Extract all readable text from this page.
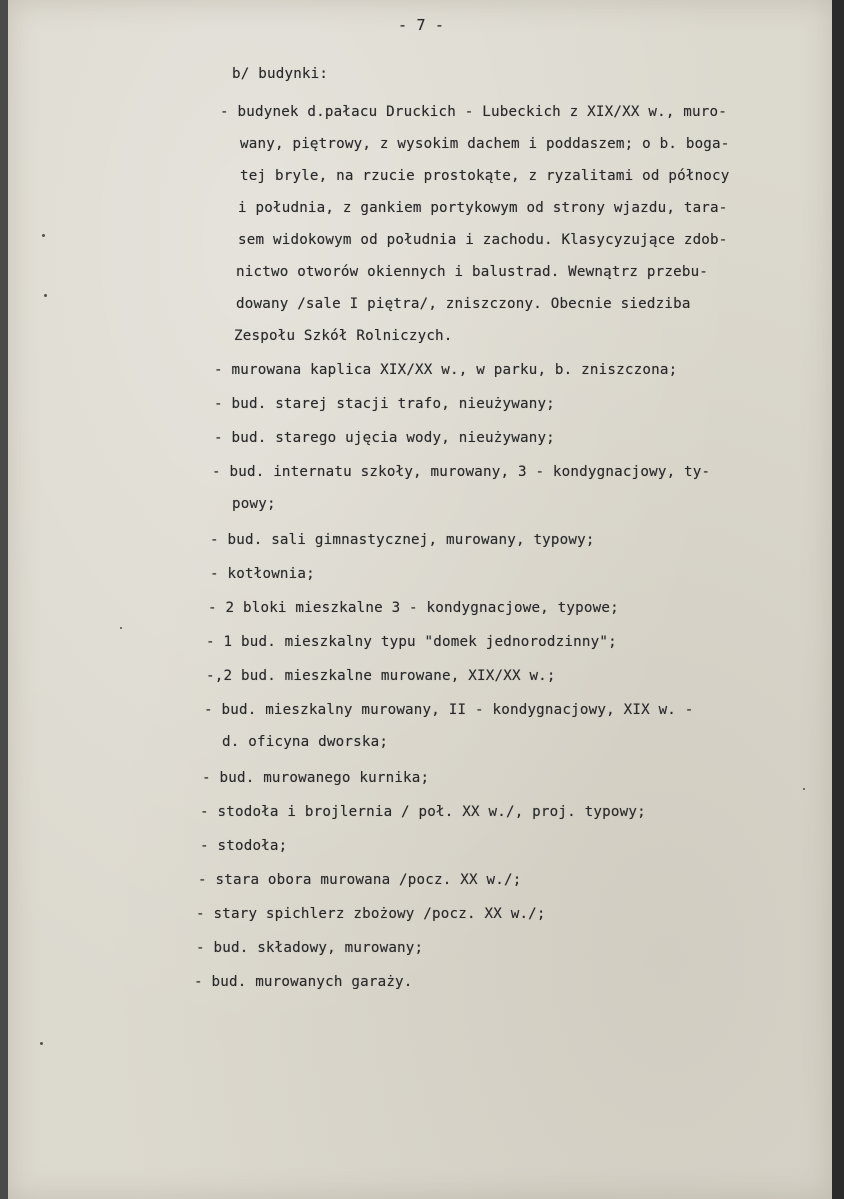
- 7 -
b/ budynki:
- budynek d.pałacu Druckich - Lubeckich z XIX/XX w., muro-
wany, piętrowy, z wysokim dachem i poddaszem; o b. boga-
tej bryle, na rzucie prostokąte, z ryzalitami od północy
i południa, z gankiem portykowym od strony wjazdu, tara-
sem widokowym od południa i zachodu. Klasycyzujące zdob-
nictwo otworów okiennych i balustrad. Wewnątrz przebu-
dowany /sale I piętra/, zniszczony. Obecnie siedziba
Zespołu Szkół Rolniczych.
- murowana kaplica XIX/XX w., w parku, b. zniszczona;
- bud. starej stacji trafo, nieużywany;
- bud. starego ujęcia wody, nieużywany;
- bud. internatu szkoły, murowany, 3 - kondygnacjowy, ty-
powy;
- bud. sali gimnastycznej, murowany, typowy;
- kotłownia;
- 2 bloki mieszkalne 3 - kondygnacjowe, typowe;
- 1 bud. mieszkalny typu "domek jednorodzinny";
-,2 bud. mieszkalne murowane, XIX/XX w.;
- bud. mieszkalny murowany, II - kondygnacjowy, XIX w. -
d. oficyna dworska;
- bud. murowanego kurnika;
- stodoła i brojlernia / poł. XX w./, proj. typowy;
- stodoła;
- stara obora murowana /pocz. XX w./;
- stary spichlerz zbożowy /pocz. XX w./;
- bud. składowy, murowany;
- bud. murowanych garaży.
